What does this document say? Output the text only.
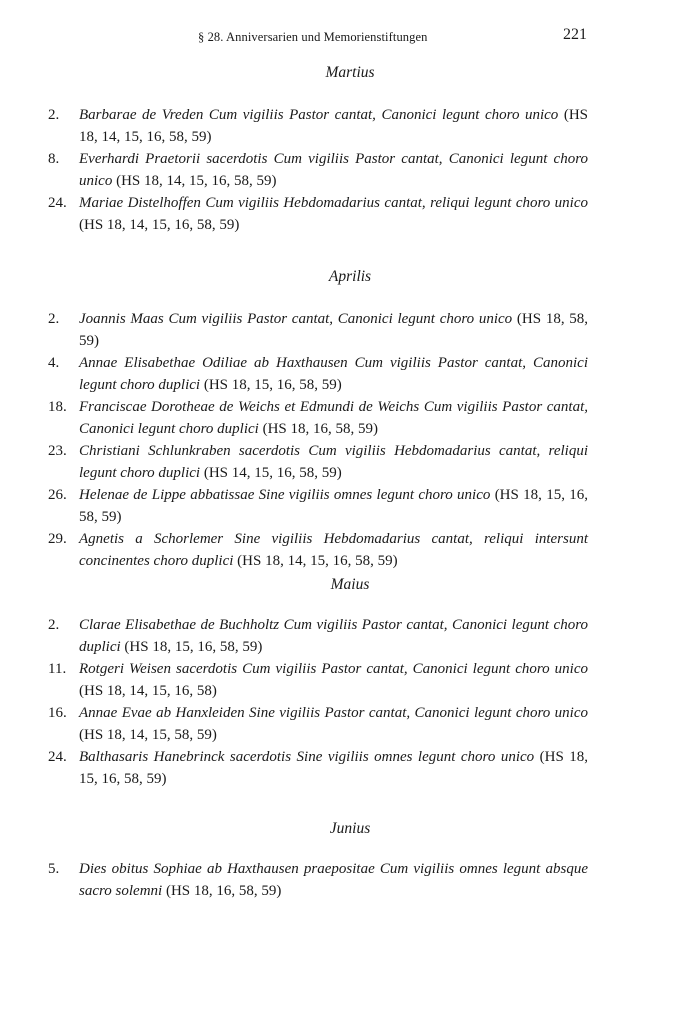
§ 28. Anniversarien und Memorienstiftungen	221
Martius
2.	Barbarae de Vreden Cum vigiliis Pastor cantat, Canonici legunt choro unico (HS 18, 14, 15, 16, 58, 59)
8.	Everhardi Praetorii sacerdotis Cum vigiliis Pastor cantat, Canonici legunt choro unico (HS 18, 14, 15, 16, 58, 59)
24. Mariae Distelhoffen Cum vigiliis Hebdomadarius cantat, reliqui legunt choro unico (HS 18, 14, 15, 16, 58, 59)
Aprilis
2.	Joannis Maas Cum vigiliis Pastor cantat, Canonici legunt choro unico (HS 18, 58, 59)
4.	Annae Elisabethae Odiliae ab Haxthausen Cum vigiliis Pastor cantat, Canonici legunt choro duplici (HS 18, 15, 16, 58, 59)
18. Franciscae Dorotheae de Weichs et Edmundi de Weichs Cum vigiliis Pastor cantat, Canonici legunt choro duplici (HS 18, 16, 58, 59)
23. Christiani Schlunkraben sacerdotis Cum vigiliis Hebdomadarius cantat, reliqui legunt choro duplici (HS 14, 15, 16, 58, 59)
26. Helenae de Lippe abbatissae Sine vigiliis omnes legunt choro unico (HS 18, 15, 16, 58, 59)
29. Agnetis a Schorlemer Sine vigiliis Hebdomadarius cantat, reliqui intersunt concinentes choro duplici (HS 18, 14, 15, 16, 58, 59)
Maius
2.	Clarae Elisabethae de Buchholtz Cum vigiliis Pastor cantat, Canonici legunt choro duplici (HS 18, 15, 16, 58, 59)
11. Rotgeri Weisen sacerdotis Cum vigiliis Pastor cantat, Canonici legunt choro unico (HS 18, 14, 15, 16, 58)
16. Annae Evae ab Hanxleiden Sine vigiliis Pastor cantat, Canonici legunt choro unico (HS 18, 14, 15, 58, 59)
24. Balthasaris Hanebrinck sacerdotis Sine vigiliis omnes legunt choro unico (HS 18, 15, 16, 58, 59)
Junius
5.	Dies obitus Sophiae ab Haxthausen praepositae Cum vigiliis omnes legunt absque sacro solemni (HS 18, 16, 58, 59)
